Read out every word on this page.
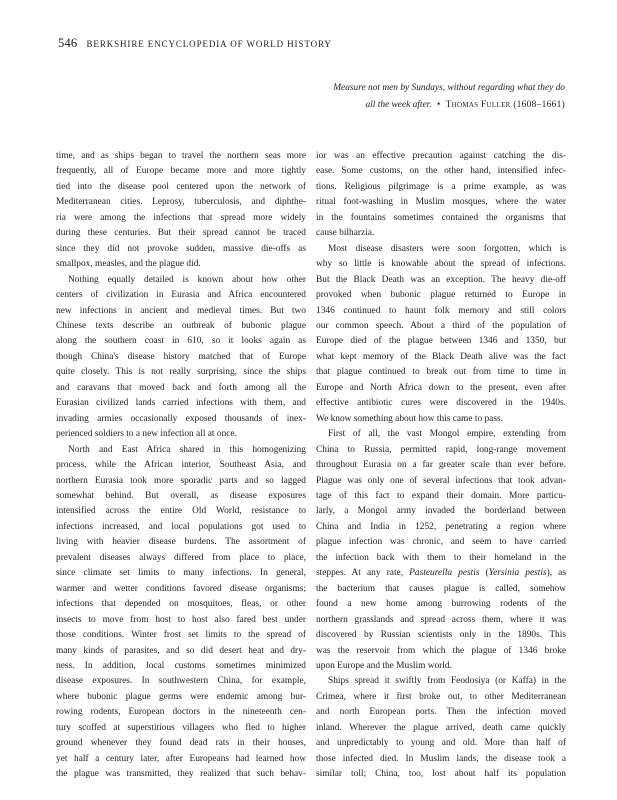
546 BERKSHIRE ENCYCLOPEDIA OF WORLD HISTORY
Measure not men by Sundays, without regarding what they do
all the week after. • Thomas Fuller (1608–1661)
time, and as ships began to travel the northern seas more
frequently, all of Europe became more and more tightly
tied into the disease pool centered upon the network of
Mediterranean cities. Leprosy, tuberculosis, and diphthe-
ria were among the infections that spread more widely
during these centuries. But their spread cannot be traced
since they did not provoke sudden, massive die-offs as
smallpox, measles, and the plague did.
Nothing equally detailed is known about how other
centers of civilization in Eurasia and Africa encountered
new infections in ancient and medieval times. But two
Chinese texts describe an outbreak of bubonic plague
along the southern coast in 610, so it looks again as
though China's disease history matched that of Europe
quite closely. This is not really surprising, since the ships
and caravans that moved back and forth among all the
Eurasian civilized lands carried infections with them, and
invading armies occasionally exposed thousands of inex-
perienced soldiers to a new infection all at once.
North and East Africa shared in this homogenizing
process, while the African interior, Southeast Asia, and
northern Eurasia took more sporadic parts and so lagged
somewhat behind. But overall, as disease exposures
intensified across the entire Old World, resistance to
infections increased, and local populations got used to
living with heavier disease burdens. The assortment of
prevalent diseases always differed from place to place,
since climate set limits to many infections. In general,
warmer and wetter conditions favored disease organisms;
infections that depended on mosquitoes, fleas, or other
insects to move from host to host also fared best under
those conditions. Winter frost set limits to the spread of
many kinds of parasites, and so did desert heat and dry-
ness. In addition, local customs sometimes minimized
disease exposures. In southwestern China, for example,
where bubonic plague germs were endemic among bur-
rowing rodents, European doctors in the nineteenth cen-
tury scoffed at superstitious villagers who fled to higher
ground whenever they found dead rats in their houses,
yet half a century later, after Europeans had learned how
the plague was transmitted, they realized that such behav-
ior was an effective precaution against catching the dis-
ease. Some customs, on the other hand, intensified infec-
tions. Religious pilgrimage is a prime example, as was
ritual foot-washing in Muslim mosques, where the water
in the fountains sometimes contained the organisms that
cause bilharzia.
Most disease disasters were soon forgotten, which is
why so little is knowable about the spread of infections.
But the Black Death was an exception. The heavy die-off
provoked when bubonic plague returned to Europe in
1346 continued to haunt folk memory and still colors
our common speech. About a third of the population of
Europe died of the plague between 1346 and 1350, but
what kept memory of the Black Death alive was the fact
that plague continued to break out from time to time in
Europe and North Africa down to the present, even after
effective antibiotic cures were discovered in the 1940s.
We know something about how this came to pass.
First of all, the vast Mongol empire, extending from
China to Russia, permitted rapid, long-range movement
throughout Eurasia on a far greater scale than ever before.
Plague was only one of several infections that took advan-
tage of this fact to expand their domain. More particu-
larly, a Mongol army invaded the borderland between
China and India in 1252, penetrating a region where
plague infection was chronic, and seem to have carried
the infection back with them to their homeland in the
steppes. At any rate, Pasteurella pestis (Yersinia pestis), as
the bacterium that causes plague is called, somehow
found a new home among burrowing rodents of the
northern grasslands and spread across them, where it was
discovered by Russian scientists only in the 1890s. This
was the reservoir from which the plague of 1346 broke
upon Europe and the Muslim world.
Ships spread it swiftly from Feodosiya (or Kaffa) in the
Crimea, where it first broke out, to other Mediterranean
and north European ports. Then the infection moved
inland. Wherever the plague arrived, death came quickly
and unpredictably to young and old. More than half of
those infected died. In Muslim lands, the disease took a
similar toll; China, too, lost about half its population
